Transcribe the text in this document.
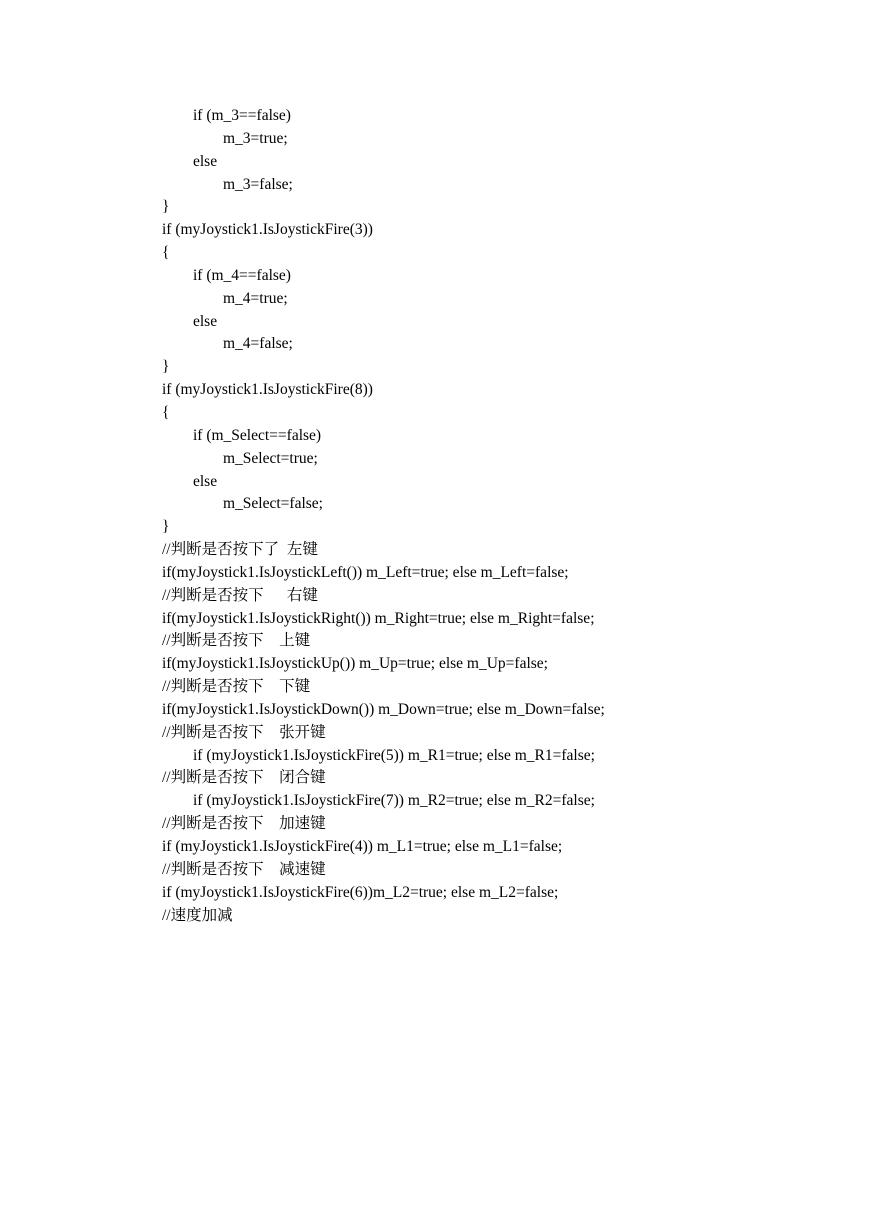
if (m_3==false)
m_3=true;
else
m_3=false;
}
if (myJoystick1.IsJoystickFire(3))
{
if (m_4==false)
m_4=true;
else
m_4=false;
}
if (myJoystick1.IsJoystickFire(8))
{
if (m_Select==false)
m_Select=true;
else
m_Select=false;
}
//判断是否按下了  左键
if(myJoystick1.IsJoystickLeft()) m_Left=true; else m_Left=false;
//判断是否按下      右键
if(myJoystick1.IsJoystickRight()) m_Right=true; else m_Right=false;
//判断是否按下    上键
if(myJoystick1.IsJoystickUp()) m_Up=true; else m_Up=false;
//判断是否按下    下键
if(myJoystick1.IsJoystickDown()) m_Down=true; else m_Down=false;
//判断是否按下    张开键
if (myJoystick1.IsJoystickFire(5)) m_R1=true; else m_R1=false;
//判断是否按下    闭合键
if (myJoystick1.IsJoystickFire(7)) m_R2=true; else m_R2=false;
//判断是否按下    加速键
if (myJoystick1.IsJoystickFire(4)) m_L1=true; else m_L1=false;
//判断是否按下    减速键
if (myJoystick1.IsJoystickFire(6))m_L2=true; else m_L2=false;
//速度加减
